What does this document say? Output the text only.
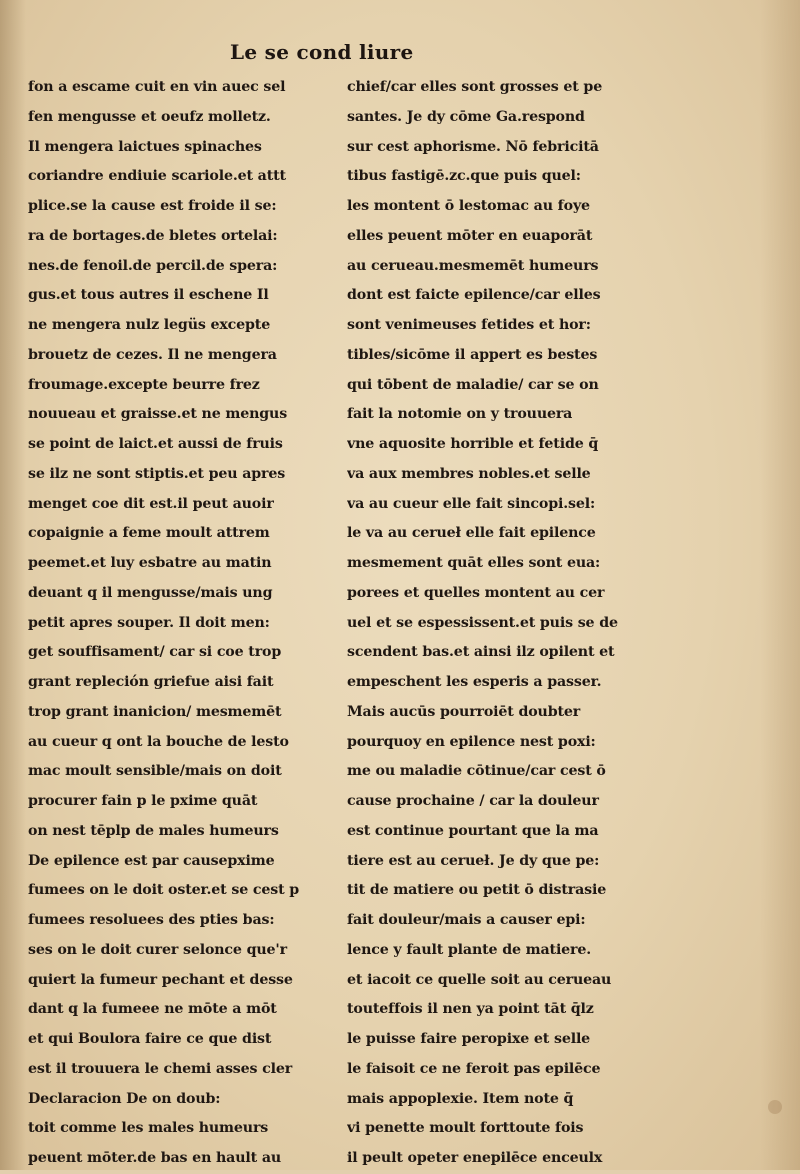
Le se cond liure
fon a escame cuit en vin auec sel
fen mengusse et oeufz molletz.
Il mengera laictues spinaches
coriandre endiuie scariole.et attt
plice.se la cause est froide il se:
ra de bortages.de bletes ortelai:
nes.de fenoil.de percil.de spera:
gus.et tous autres il eschene Il
ne mengera nulz legüs excepte
brouetz de cezes. Il ne mengera
froumage.excepte beurre frez
nouueau et graisse.et ne mengus
se point de laict.et aussi de fruis
se ilz ne sont stiptis.et peu apres
menget coe dit est.il peut auoir
copaignie a feme moult attrem
peemet.et luy esbatre au matin
deuant q il mengusse/mais ung
petit apres souper. Il doit men:
get souffisament/ car si coe trop
grant repleción griefue aisi fait
trop grant inanicion/ mesmemēt
au cueur q ont la bouche de lesto
mac moult sensible/mais on doit
procurer fain p le pxime quāt
on nest tēplp de males humeurs
De epilence est par causepxime
fumees on le doit oster.et se cest p
fumees resoluees des pties bas:
ses on le doit curer selonce que'r
quiert la fumeur pechant et desse
dant q la fumeee ne mōte a mōt
et qui Boulora faire ce que dist
est il trouuera le chemi asses cler
Declaracion De on doub:
toit comme les males humeurs
peuent mōter.de bas en hault au
chief/car elles sont grosses et pe
santes. Je dy cōme Ga.respond
sur cest aphorisme. Nō febricitā
tibus fastigē.zc.que puis quel:
les montent ō lestomac au foye
elles peuent mōter en euaporāt
au cerueau.mesmemēt humeurs
dont est faicte epilence/car elles
sont venimeuses fetides et hor:
tibles/sicōme il appert es bestes
qui tōbent de maladie/ car se on
fait la notomie on y trouuera
vne aquosite horrible et fetide q̄
va aux membres nobles.et selle
va au cueur elle fait sincopi.sel:
le va au cerueł elle fait epilence
mesmement quāt elles sont eua:
porees et quelles montent au cer
uel et se espessissent.et puis se de
scendent bas.et ainsi ilz opilent et
empeschent les esperis a passer.
Mais aucūs pourroiēt doubter
pourquoy en epilence nest poxi:
me ou maladie cōtinue/car cest ō
cause prochaine / car la douleur
est continue pourtant que la ma
tiere est au cerueł. Je dy que pe:
tit de matiere ou petit ō distrasie
fait douleur/mais a causer epi:
lence y fault plante de matiere.
et iacoit ce quelle soit au cerueau
touteffois il nen ya point tāt q̄lz
le puisse faire peropixe et selle
le faisoit ce ne feroit pas epilēce
mais appoplexie. Item note q̄
vi penette moult forttoute fois
il peult opeter enepilēce enceulx
